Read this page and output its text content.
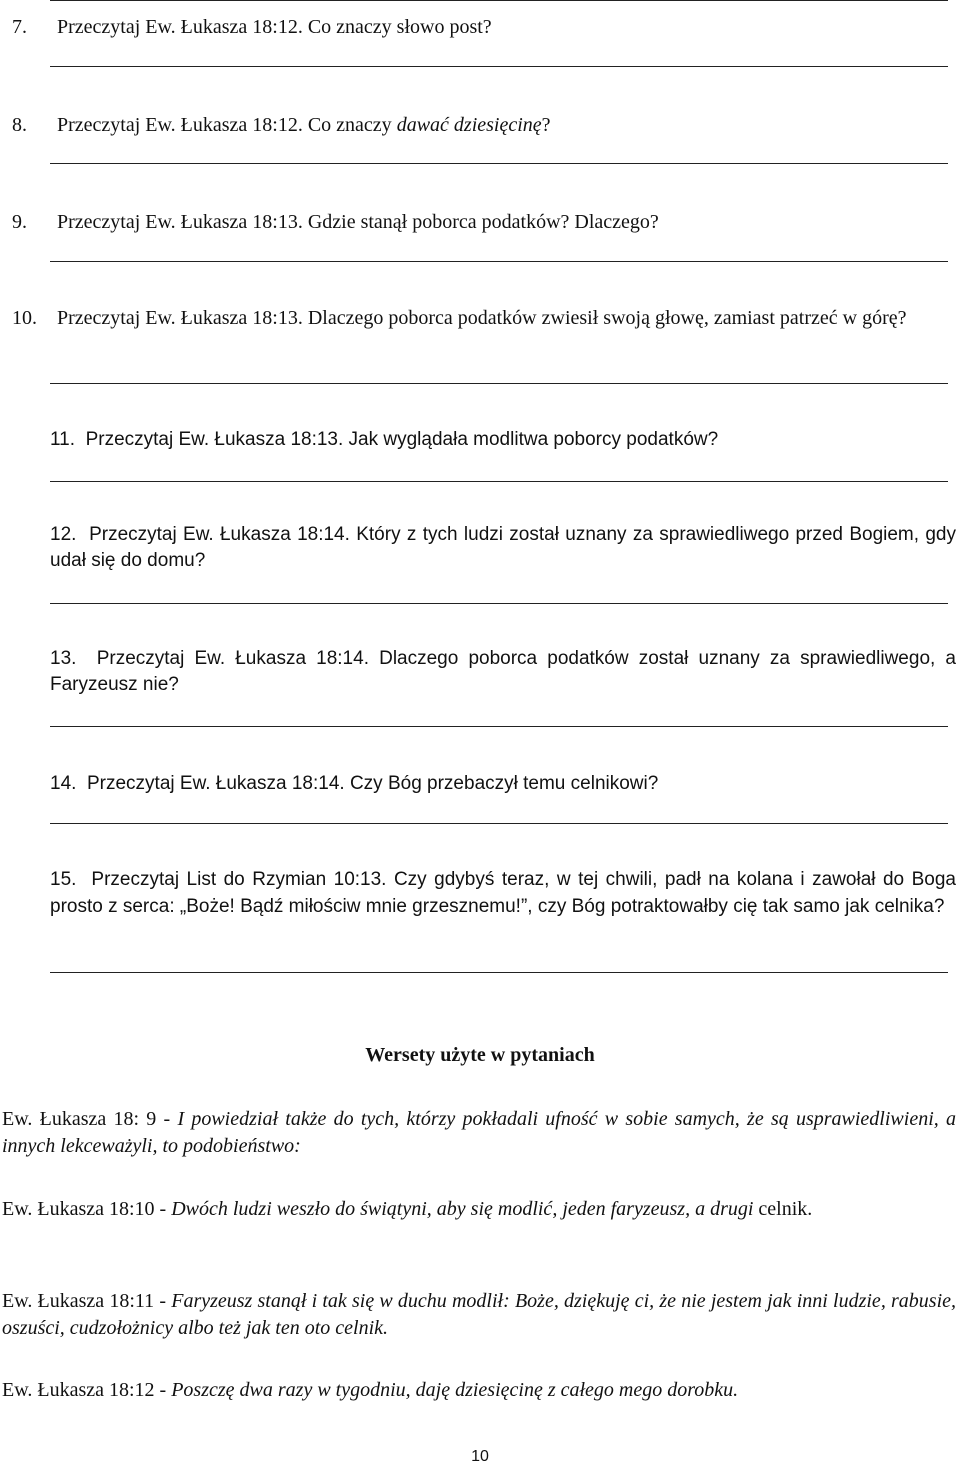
7. Przeczytaj Ew. Łukasza 18:12. Co znaczy słowo post?
8. Przeczytaj Ew. Łukasza 18:12. Co znaczy dawać dziesięcinę?
9. Przeczytaj Ew. Łukasza 18:13. Gdzie stanął poborca podatków? Dlaczego?
10. Przeczytaj Ew. Łukasza 18:13. Dlaczego poborca podatków zwiesił swoją głowę, zamiast patrzeć w górę?
11. Przeczytaj Ew. Łukasza 18:13. Jak wyglądała modlitwa poborcy podatków?
12. Przeczytaj Ew. Łukasza 18:14. Który z tych ludzi został uznany za sprawiedliwego przed Bogiem, gdy udał się do domu?
13. Przeczytaj Ew. Łukasza 18:14. Dlaczego poborca podatków został uznany za sprawiedliwego, a Faryzeusz nie?
14. Przeczytaj Ew. Łukasza 18:14. Czy Bóg przebaczył temu celnikowi?
15. Przeczytaj List do Rzymian 10:13. Czy gdybyś teraz, w tej chwili, padł na kolana i zawołał do Boga prosto z serca: „Boże! Bądź miłościw mnie grzesznemu!”, czy Bóg potraktowałby cię tak samo jak celnika?
Wersety użyte w pytaniach
Ew. Łukasza 18: 9 - I powiedział także do tych, którzy pokładali ufność w sobie samych, że są usprawiedliwieni, a innych lekceważyli, to podobieństwo:
Ew. Łukasza 18:10 - Dwóch ludzi weszło do świątyni, aby się modlić, jeden faryzeusz, a drugi celnik.
Ew. Łukasza 18:11 - Faryzeusz stanął i tak się w duchu modlił: Boże, dziękuję ci, że nie jestem jak inni ludzie, rabusie, oszuści, cudzołożnicy albo też jak ten oto celnik.
Ew. Łukasza 18:12 - Poszczę dwa razy w tygodniu, daję dziesięcinę z całego mego dorobku.
10
